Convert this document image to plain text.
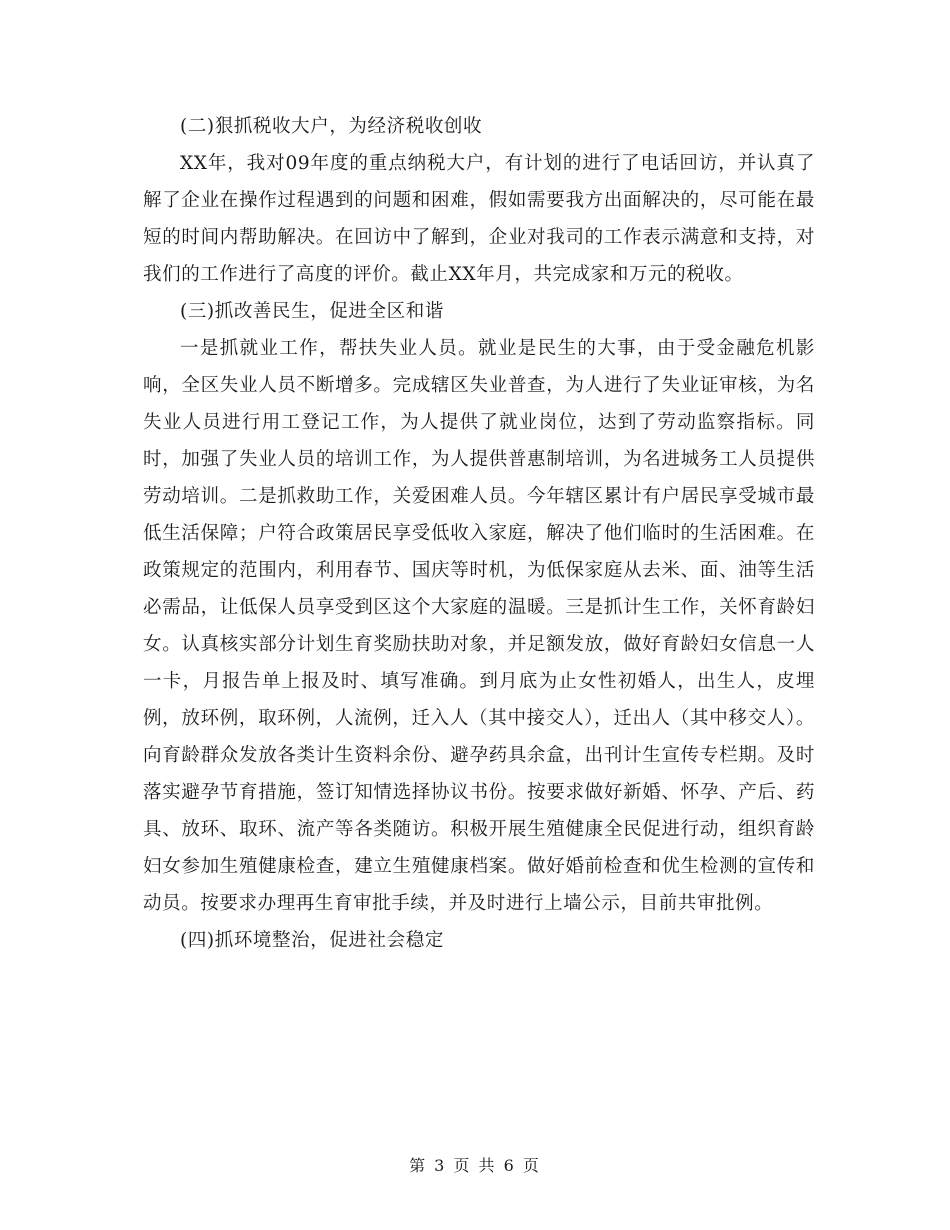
(二)狠抓税收大户，为经济税收创收

XX年，我对09年度的重点纳税大户，有计划的进行了电话回访，并认真了解了企业在操作过程遇到的问题和困难，假如需要我方出面解决的，尽可能在最短的时间内帮助解决。在回访中了解到，企业对我司的工作表示满意和支持，对我们的工作进行了高度的评价。截止XX年月，共完成家和万元的税收。

(三)抓改善民生，促进全区和谐

一是抓就业工作，帮扶失业人员。就业是民生的大事，由于受金融危机影响，全区失业人员不断增多。完成辖区失业普查，为人进行了失业证审核，为名失业人员进行用工登记工作，为人提供了就业岗位，达到了劳动监察指标。同时，加强了失业人员的培训工作，为人提供普惠制培训，为名进城务工人员提供劳动培训。二是抓救助工作，关爱困难人员。今年辖区累计有户居民享受城市最低生活保障；户符合政策居民享受低收入家庭，解决了他们临时的生活困难。在政策规定的范围内，利用春节、国庆等时机，为低保家庭从去米、面、油等生活必需品，让低保人员享受到区这个大家庭的温暖。三是抓计生工作，关怀育龄妇女。认真核实部分计划生育奖励扶助对象，并足额发放，做好育龄妇女信息一人一卡，月报告单上报及时、填写准确。到月底为止女性初婚人，出生人，皮埋例，放环例，取环例，人流例，迁入人（其中接交人），迁出人（其中移交人）。向育龄群众发放各类计生资料余份、避孕药具余盒，出刊计生宣传专栏期。及时落实避孕节育措施，签订知情选择协议书份。按要求做好新婚、怀孕、产后、药具、放环、取环、流产等各类随访。积极开展生殖健康全民促进行动，组织育龄妇女参加生殖健康检查，建立生殖健康档案。做好婚前检查和优生检测的宣传和动员。按要求办理再生育审批手续，并及时进行上墙公示，目前共审批例。

(四)抓环境整治，促进社会稳定

第 3 页 共 6 页
